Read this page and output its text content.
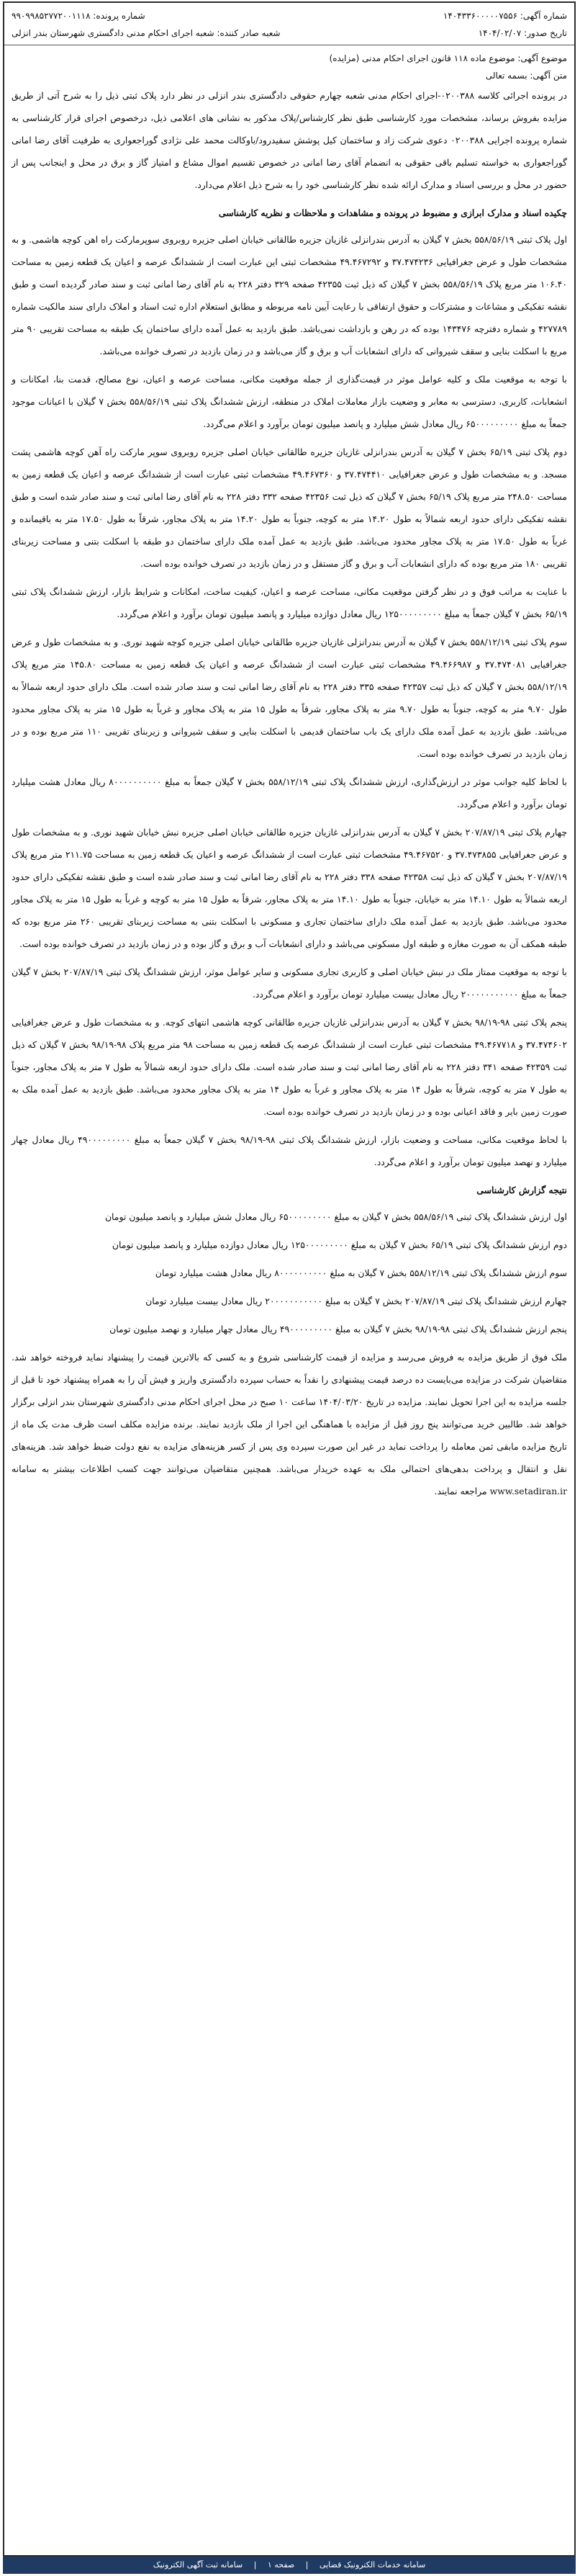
شماره آگهی: ۱۴۰۴۳۳۶۰۰۰۰۰۷۵۵۶
شماره پرونده: ۹۹۰۹۹۸۵۲۷۷۲۰۰۱۱۱۸
تاریخ صدور: ۱۴۰۴/۰۲/۰۷
شعبه صادر کننده: شعبه اجرای احکام مدنی دادگستری شهرستان بندر انزلی
موضوع آگهی: موضوع ماده ۱۱۸ قانون اجرای احکام مدنی (مزایده)
متن آگهی: بسمه تعالی

در پرونده اجرائی کلاسه ۰۲۰۰۳۸۸-اجرای احکام مدنی شعبه چهارم حقوقی دادگستری بندر انزلی در نظر دارد پلاک ثبتی ذیل را به شرح آتی از طریق مزایده بفروش برساند، مشخصات مورد کارشناسی طبق نظر کارشناس/پلاک مذکور به نشانی های اعلامی ذیل، درخصوص اجرای قرار کارشناسی به شماره پرونده اجرایی ۰۲۰۰۳۸۸ دعوی شرکت زاد و ساختمان کیل پوشش سفیدرود/باوکالت محمد علی نژادی گوراجعواری به طرفیت آقای رضا امانی گوراجعواری به خواسته تسلیم باقی حقوقی به انضمام آقای رضا امانی در خصوص تقسیم اموال مشاع و امتیاز گاز و برق در محل و اینجانب پس از حضور در محل و بررسی اسناد و مدارک ارائه شده نظر کارشناسی خود را به شرح ذیل اعلام می‌دارد.

چکیده اسناد و مدارک ابرازی و مضبوط در پرونده و مشاهدات و ملاحظات و نظریه کارشناسی

اول پلاک ثبتی ۵۵۸/۵۶/۱۹ بخش ۷ گیلان به آدرس بندرانزلی غازیان جزیره طالقانی خیابان اصلی جزیره روبروی سوپرمارکت راه اهن کوچه هاشمی. و به مشخصات طول و عرض جغرافیایی ۳۷.۴۷۴۲۳۶ و ۴۹.۴۶۷۲۹۲ مشخصات ثبتی این عبارت است از ششدانگ عرصه و اعیان یک قطعه زمین به مساحت ۱۰۶.۴۰ متر مربع پلاک ۵۵۸/۵۶/۱۹ بخش ۷ گیلان که ذیل ثبت ۴۲۳۵۵ صفحه ۳۲۹ دفتر ۲۲۸ به نام آقای رضا امانی ثبت و سند صادر گردیده است و طبق نقشه تفکیکی و مشاعات و مشترکات و حقوق ارتفاقی با رعایت آیین نامه مربوطه و مطابق استعلام اداره ثبت اسناد و املاک دارای سند مالکیت شماره ۴۲۷۷۸۹ و شماره دفترچه ۱۴۳۴۷۶ بوده که در رهن و بازداشت نمی‌باشد. طبق بازدید به عمل آمده دارای ساختمان یک طبقه به مساحت تقریبی ۹۰ متر مربع با اسکلت بنایی و سقف شیروانی که دارای انشعابات آب و برق و گاز می‌باشد و در زمان بازدید در تصرف خوانده می‌باشد.

با توجه به موقعیت ملک و کلیه عوامل موثر در قیمت‌گذاری از جمله موقعیت مکانی، مساحت عرصه و اعیان، نوع مصالح، قدمت بنا، امکانات و انشعابات، کاربری، دسترسی به معابر و وضعیت بازار معاملات املاک در منطقه، ارزش ششدانگ پلاک ثبتی ۵۵۸/۵۶/۱۹ بخش ۷ گیلان با اعیانات موجود جمعاً به مبلغ ۶۵۰۰۰۰۰۰۰۰۰ ریال معادل شش میلیارد و پانصد میلیون تومان برآورد و اعلام می‌گردد.

دوم پلاک ثبتی ۶۵/۱۹ بخش ۷ گیلان به آدرس بندرانزلی غازیان جزیره طالقانی خیابان اصلی جزیره روبروی سوپر مارکت راه آهن کوچه هاشمی پشت مسجد. و به مشخصات طول و عرض جغرافیایی ۳۷.۴۷۴۴۱۰ و ۴۹.۴۶۷۳۶۰ مشخصات ثبتی عبارت است از ششدانگ عرصه و اعیان یک قطعه زمین به مساحت ۲۴۸.۵۰ متر مربع پلاک ۶۵/۱۹ بخش ۷ گیلان که ذیل ثبت ۴۲۳۵۶ صفحه ۳۳۲ دفتر ۲۲۸ به نام آقای رضا امانی ثبت و سند صادر شده است و طبق نقشه تفکیکی دارای حدود اربعه شمالاً به طول ۱۴.۲۰ متر به کوچه، جنوباً به طول ۱۴.۲۰ متر به پلاک مجاور، شرقاً به طول ۱۷.۵۰ متر به باقیمانده و غرباً به طول ۱۷.۵۰ متر به پلاک مجاور محدود می‌باشد. طبق بازدید به عمل آمده ملک دارای ساختمان دو طبقه با اسکلت بتنی و مساحت زیربنای تقریبی ۱۸۰ متر مربع بوده که دارای انشعابات آب و برق و گاز مستقل و در زمان بازدید در تصرف خوانده بوده است.

با عنایت به مراتب فوق و در نظر گرفتن موقعیت مکانی، مساحت عرصه و اعیان، کیفیت ساخت، امکانات و شرایط بازار، ارزش ششدانگ پلاک ثبتی ۶۵/۱۹ بخش ۷ گیلان جمعاً به مبلغ ۱۲۵۰۰۰۰۰۰۰۰۰ ریال معادل دوازده میلیارد و پانصد میلیون تومان برآورد و اعلام می‌گردد.

سوم پلاک ثبتی ۵۵۸/۱۲/۱۹ بخش ۷ گیلان به آدرس بندرانزلی غازیان جزیره طالقانی خیابان اصلی جزیره کوچه شهید نوری. و به مشخصات طول و عرض جغرافیایی ۳۷.۴۷۴۰۸۱ و ۴۹.۴۶۶۹۸۷ مشخصات ثبتی عبارت است از ششدانگ عرصه و اعیان یک قطعه زمین به مساحت ۱۴۵.۸۰ متر مربع پلاک ۵۵۸/۱۲/۱۹ بخش ۷ گیلان که ذیل ثبت ۴۲۳۵۷ صفحه ۳۳۵ دفتر ۲۲۸ به نام آقای رضا امانی ثبت و سند صادر شده است. ملک دارای حدود اربعه شمالاً به طول ۹.۷۰ متر به کوچه، جنوباً به طول ۹.۷۰ متر به پلاک مجاور، شرقاً به طول ۱۵ متر به پلاک مجاور و غرباً به طول ۱۵ متر به پلاک مجاور محدود می‌باشد. طبق بازدید به عمل آمده ملک دارای یک باب ساختمان قدیمی با اسکلت بنایی و سقف شیروانی و زیربنای تقریبی ۱۱۰ متر مربع بوده و در زمان بازدید در تصرف خوانده بوده است.

با لحاظ کلیه جوانب موثر در ارزش‌گذاری، ارزش ششدانگ پلاک ثبتی ۵۵۸/۱۲/۱۹ بخش ۷ گیلان جمعاً به مبلغ ۸۰۰۰۰۰۰۰۰۰۰ ریال معادل هشت میلیارد تومان برآورد و اعلام می‌گردد.

چهارم پلاک ثبتی ۲۰۷/۸۷/۱۹ بخش ۷ گیلان به آدرس بندرانزلی غازیان جزیره طالقانی خیابان اصلی جزیره نبش خیابان شهید نوری. و به مشخصات طول و عرض جغرافیایی ۳۷.۴۷۳۸۵۵ و ۴۹.۴۶۷۵۲۰ مشخصات ثبتی عبارت است از ششدانگ عرصه و اعیان یک قطعه زمین به مساحت ۲۱۱.۷۵ متر مربع پلاک ۲۰۷/۸۷/۱۹ بخش ۷ گیلان که ذیل ثبت ۴۲۳۵۸ صفحه ۳۳۸ دفتر ۲۲۸ به نام آقای رضا امانی ثبت و سند صادر شده است و طبق نقشه تفکیکی دارای حدود اربعه شمالاً به طول ۱۴.۱۰ متر به خیابان، جنوباً به طول ۱۴.۱۰ متر به پلاک مجاور، شرقاً به طول ۱۵ متر به کوچه و غرباً به طول ۱۵ متر به پلاک مجاور محدود می‌باشد. طبق بازدید به عمل آمده ملک دارای ساختمان تجاری و مسکونی با اسکلت بتنی به مساحت زیربنای تقریبی ۲۶۰ متر مربع بوده که طبقه همکف آن به صورت مغازه و طبقه اول مسکونی می‌باشد و دارای انشعابات آب و برق و گاز بوده و در زمان بازدید در تصرف خوانده بوده است.

با توجه به موقعیت ممتاز ملک در نبش خیابان اصلی و کاربری تجاری مسکونی و سایر عوامل موثر، ارزش ششدانگ پلاک ثبتی ۲۰۷/۸۷/۱۹ بخش ۷ گیلان جمعاً به مبلغ ۲۰۰۰۰۰۰۰۰۰۰۰ ریال معادل بیست میلیارد تومان برآورد و اعلام می‌گردد.

پنجم پلاک ثبتی ۹۸-۹۸/۱۹ بخش ۷ گیلان به آدرس بندرانزلی غازیان جزیره طالقانی کوچه هاشمی انتهای کوچه. و به مشخصات طول و عرض جغرافیایی ۳۷.۴۷۴۶۰۲ و ۴۹.۴۶۷۷۱۸ مشخصات ثبتی عبارت است از ششدانگ عرصه یک قطعه زمین به مساحت ۹۸ متر مربع پلاک ۹۸-۹۸/۱۹ بخش ۷ گیلان که ذیل ثبت ۴۲۳۵۹ صفحه ۳۴۱ دفتر ۲۲۸ به نام آقای رضا امانی ثبت و سند صادر شده است. ملک دارای حدود اربعه شمالاً به طول ۷ متر به پلاک مجاور، جنوباً به طول ۷ متر به کوچه، شرقاً به طول ۱۴ متر به پلاک مجاور و غرباً به طول ۱۴ متر به پلاک مجاور محدود می‌باشد. طبق بازدید به عمل آمده ملک به صورت زمین بایر و فاقد اعیانی بوده و در زمان بازدید در تصرف خوانده بوده است.

با لحاظ موقعیت مکانی، مساحت و وضعیت بازار، ارزش ششدانگ پلاک ثبتی ۹۸-۹۸/۱۹ بخش ۷ گیلان جمعاً به مبلغ ۴۹۰۰۰۰۰۰۰۰۰ ریال معادل چهار میلیارد و نهصد میلیون تومان برآورد و اعلام می‌گردد.

نتیجه گزارش کارشناسی

اول ارزش ششدانگ پلاک ثبتی ۵۵۸/۵۶/۱۹ بخش ۷ گیلان به مبلغ ۶۵۰۰۰۰۰۰۰۰۰ ریال معادل شش میلیارد و پانصد میلیون تومان

دوم ارزش ششدانگ پلاک ثبتی ۶۵/۱۹ بخش ۷ گیلان به مبلغ ۱۲۵۰۰۰۰۰۰۰۰۰ ریال معادل دوازده میلیارد و پانصد میلیون تومان

سوم ارزش ششدانگ پلاک ثبتی ۵۵۸/۱۲/۱۹ بخش ۷ گیلان به مبلغ ۸۰۰۰۰۰۰۰۰۰۰ ریال معادل هشت میلیارد تومان

چهارم ارزش ششدانگ پلاک ثبتی ۲۰۷/۸۷/۱۹ بخش ۷ گیلان به مبلغ ۲۰۰۰۰۰۰۰۰۰۰۰ ریال معادل بیست میلیارد تومان

پنجم ارزش ششدانگ پلاک ثبتی ۹۸-۹۸/۱۹ بخش ۷ گیلان به مبلغ ۴۹۰۰۰۰۰۰۰۰۰ ریال معادل چهار میلیارد و نهصد میلیون تومان

ملک فوق از طریق مزایده به فروش می‌رسد و مزایده از قیمت کارشناسی شروع و به کسی که بالاترین قیمت را پیشنهاد نماید فروخته خواهد شد. متقاضیان شرکت در مزایده می‌بایست ده درصد قیمت پیشنهادی را نقداً به حساب سپرده دادگستری واریز و فیش آن را به همراه پیشنهاد خود تا قبل از جلسه مزایده به این اجرا تحویل نمایند. مزایده در تاریخ ۱۴۰۴/۰۳/۲۰ ساعت ۱۰ صبح در محل اجرای احکام مدنی دادگستری شهرستان بندر انزلی برگزار خواهد شد. طالبین خرید می‌توانند پنج روز قبل از مزایده با هماهنگی این اجرا از ملک بازدید نمایند. برنده مزایده مکلف است ظرف مدت یک ماه از تاریخ مزایده مابقی ثمن معامله را پرداخت نماید در غیر این صورت سپرده وی پس از کسر هزینه‌های مزایده به نفع دولت ضبط خواهد شد. هزینه‌های نقل و انتقال و پرداخت بدهی‌های احتمالی ملک به عهده خریدار می‌باشد. همچنین متقاضیان می‌توانند جهت کسب اطلاعات بیشتر به سامانه www.setadiran.ir مراجعه نمایند.

سامانه خدمات الکترونیک قضایی | صفحه ۱ | سامانه ثبت آگهی الکترونیک
